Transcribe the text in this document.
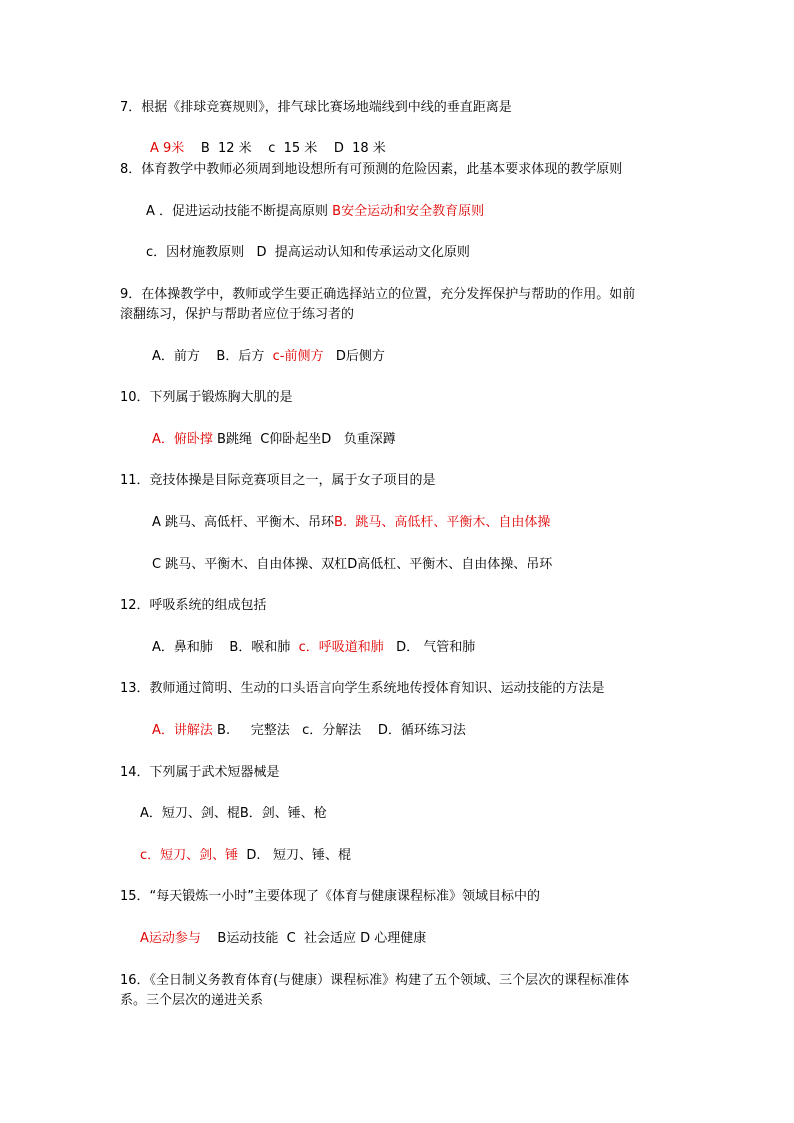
7．根据《排球竞赛规则》，排气球比赛场地端线到中线的垂直距离是
A 9米    B  12 米    c  15 米    D  18 米
8．体育教学中教师必须周到地设想所有可预测的危险因素，此基本要求体现的教学原则
A ．促进运动技能不断提高原则 B安全运动和安全教育原则
c．因材施教原则   D  提高运动认知和传承运动文化原则
9．在体操教学中，教师或学生要正确选择站立的位置，充分发挥保护与帮助的作用。如前
滚翻练习，保护与帮助者应位于练习者的
A．前方    B．后方  c-前侧方   D后侧方
10．下列属于锻炼胸大肌的是
A．俯卧撑 B跳绳  C仰卧起坐D   负重深蹲
11．竞技体操是目际竞赛项目之一，属于女子项目的是
A 跳马、高低杆、平衡木、吊环B.  跳马、高低杆、平衡木、自由体操
C 跳马、平衡木、自由体操、双杠D高低杠、平衡木、自由体操、吊环
12．呼吸系统的组成包括
A．鼻和肺    B．喉和肺  c．呼吸道和肺   D． 气管和肺
13．教师通过简明、生动的口头语言向学生系统地传授体育知识、运动技能的方法是
A．讲解法 B.     完整法   c．分解法    D．循环练习法
14．下列属于武术短器械是
A．短刀、剑、棍B．剑、锤、枪
c．短刀、剑、锤  D.   短刀、锤、棍
15．“每天锻炼一小时”主要体现了《体育与健康课程标准》领域目标中的
A运动参与    B运动技能  C  社会适应 D 心理健康
16．《全日制义务教育体育(与健康）课程标准》构建了五个领域、三个层次的课程标准体
系。三个层次的递进关系
